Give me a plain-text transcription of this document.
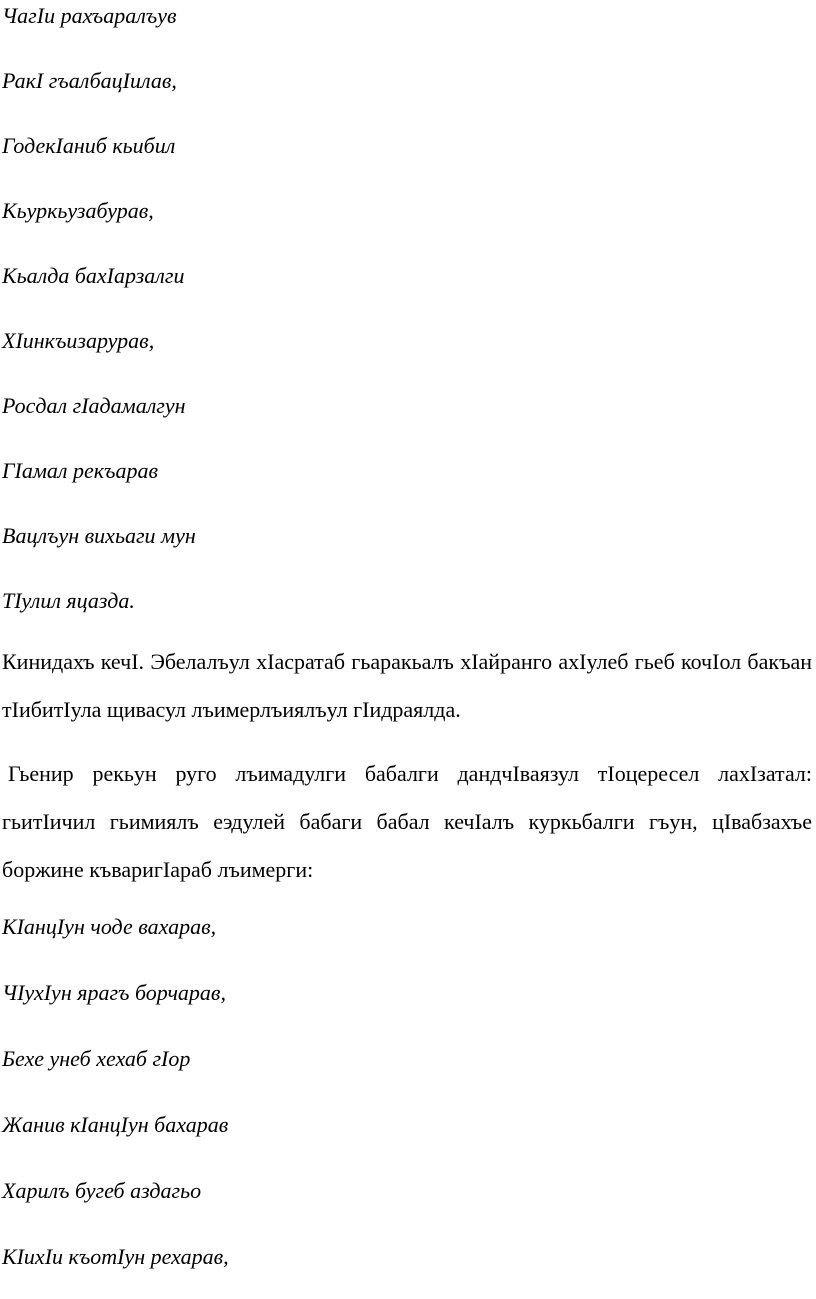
ЧагIи рахъаралъув

РакI гъалбацIилав,

ГодекIаниб кьибил

Кьуркьузабурав,

Кьалда бахIарзалги

XIинкъизарурав,

Росдал гIадамалгун

ГIамал рекъарав

Вацлъун вихьаги мун

ТIулил яцазда.

Кинидахъ кечI. Эбелалъул хIасратаб гьаракьалъ хIайранго ахIулеб гьеб кочIол бакъан тIибитIула щивасул лъимерлъиялъул гIидраялда.

Гьенир рекьун руго лъимадулги бабалги дандчIваязул тIоцересел лахIзатал: гьитIичил гьимиялъ еэдулей бабаги бабал кечIалъ куркьбалги гъун, цIвабзахъе боржине къваригIараб лъимерги:

КIанцIун чоде вахарав,

ЧIухIун ярагъ борчарав,

Бехе унеб хехаб гIор

Жанив кIанцIун бахарав

Харилъ бугеб аздагьо

КIихIи къотIун рехарав,
